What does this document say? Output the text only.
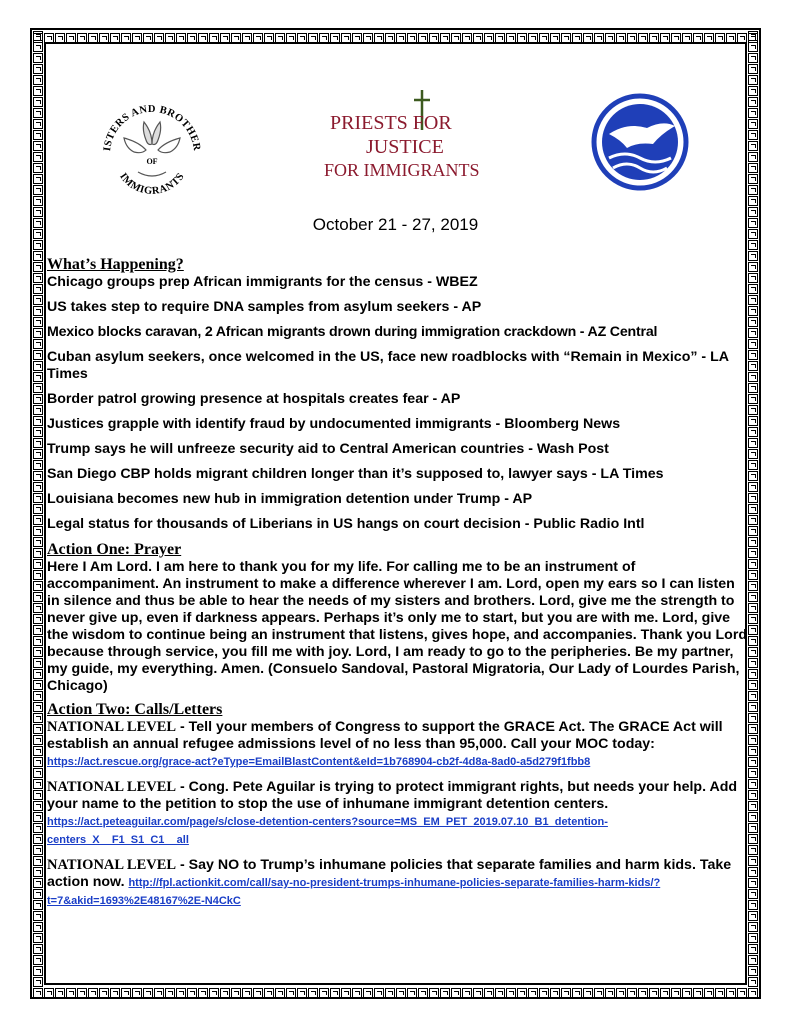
ISTERS AND BROTHER
IMMIGRANTS
OF
PRIESTS FOR
JUSTICE
FOR IMMIGRANTS
October 21 - 27, 2019
What’s Happening?

Chicago groups prep African immigrants for the census - WBEZ

US takes step to require DNA samples from asylum seekers - AP

Mexico blocks caravan, 2 African migrants drown during immigration crackdown - AZ Central

Cuban asylum seekers, once welcomed in the US, face new roadblocks with “Remain in Mexico” - LA Times

Border patrol growing presence at hospitals creates fear - AP

Justices grapple with identify fraud by undocumented immigrants - Bloomberg News

Trump says he will unfreeze security aid to Central American countries - Wash Post

San Diego CBP holds migrant children longer than it’s supposed to, lawyer says - LA Times

Louisiana becomes new hub in immigration detention under Trump - AP

Legal status for thousands of Liberians in US hangs on court decision - Public Radio Intl

Action One: Prayer

Here I Am Lord. I am here to thank you for my life. For calling me to be an instrument of accompaniment. An instrument to make a difference wherever I am. Lord, open my ears so I can listen in silence and thus be able to hear the needs of my sisters and brothers. Lord, give me the strength to never give up, even if darkness appears. Perhaps it’s only me to start, but you are with me. Lord, give the wisdom to continue being an instrument that listens, gives hope, and accompanies. Thank you Lord because through service, you fill me with joy. Lord, I am ready to go to the peripheries. Be my partner, my guide, my everything. Amen. (Consuelo Sandoval, Pastoral Migratoria, Our Lady of Lourdes Parish, Chicago)

Action Two: Calls/Letters

NATIONAL LEVEL - Tell your members of Congress to support the GRACE Act. The GRACE Act will establish an annual refugee admissions level of no less than 95,000. Call your MOC today: https://act.rescue.org/grace-act?eType=EmailBlastContent&eId=1b768904-cb2f-4d8a-8ad0-a5d279f1fbb8

NATIONAL LEVEL - Cong. Pete Aguilar is trying to protect immigrant rights, but needs your help. Add your name to the petition to stop the use of inhumane immigrant detention centers. https://act.peteaguilar.com/page/s/close-detention-centers?source=MS_EM_PET_2019.07.10_B1_detention-centers_X__F1_S1_C1__all

NATIONAL LEVEL - Say NO to Trump’s inhumane policies that separate families and harm kids. Take action now. http://fpl.actionkit.com/call/say-no-president-trumps-inhumane-policies-separate-families-harm-kids/?t=7&akid=1693%2E48167%2E-N4CkC
